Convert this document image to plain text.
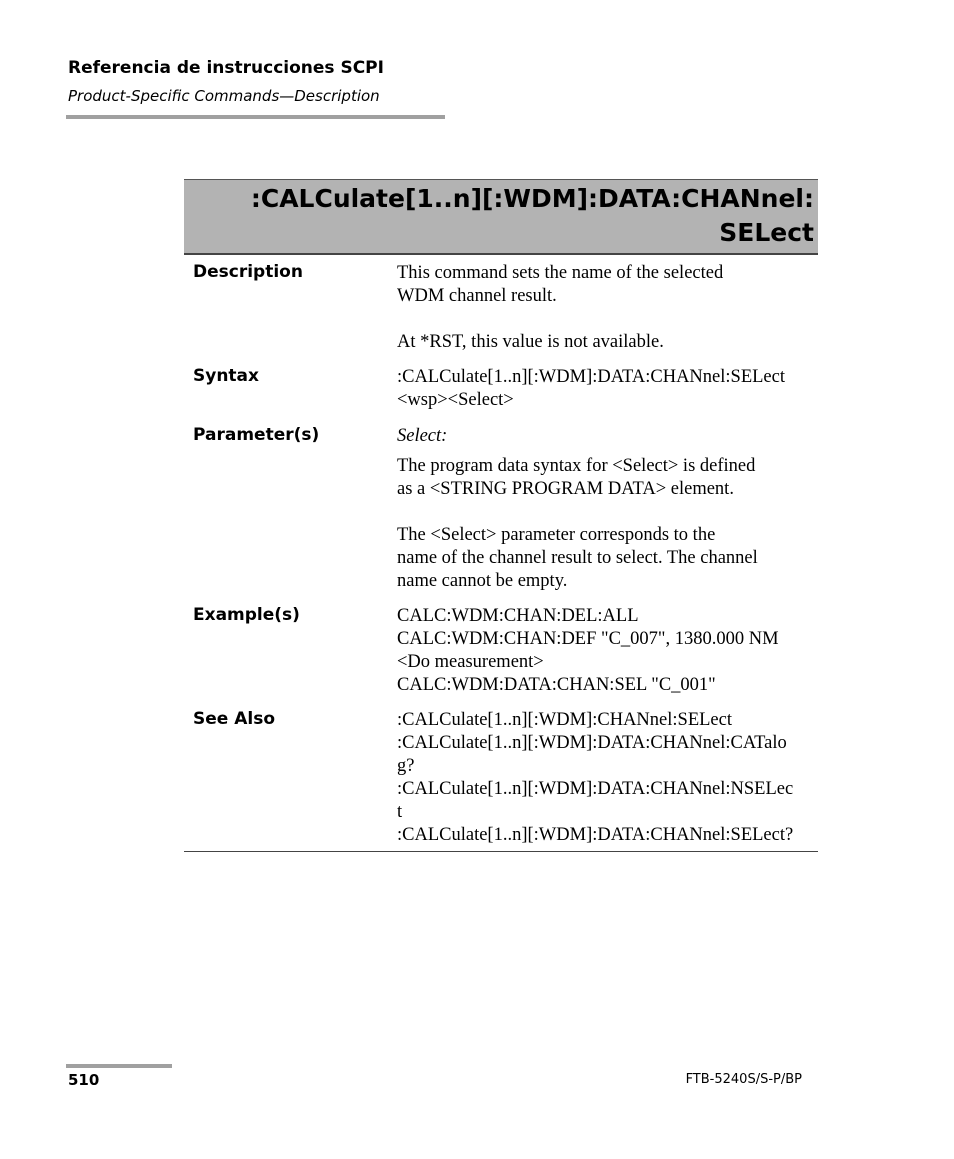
Referencia de instrucciones SCPI
Product-Specific Commands—Description
:CALCulate[1..n][:WDM]:DATA:CHANnel:
SELect
Description	This command sets the name of the selected
WDM channel result.

At *RST, this value is not available.
Syntax	:CALCulate[1..n][:WDM]:DATA:CHANnel:SELect
<wsp><Select>
Parameter(s)	Select:
The program data syntax for <Select> is defined
as a <STRING PROGRAM DATA> element.

The <Select> parameter corresponds to the
name of the channel result to select. The channel
name cannot be empty.
Example(s)	CALC:WDM:CHAN:DEL:ALL
CALC:WDM:CHAN:DEF "C_007", 1380.000 NM
<Do measurement>
CALC:WDM:DATA:CHAN:SEL "C_001"
See Also	:CALCulate[1..n][:WDM]:CHANnel:SELect
:CALCulate[1..n][:WDM]:DATA:CHANnel:CATalo
g?
:CALCulate[1..n][:WDM]:DATA:CHANnel:NSELec
t
:CALCulate[1..n][:WDM]:DATA:CHANnel:SELect?
510	FTB-5240S/S-P/BP
